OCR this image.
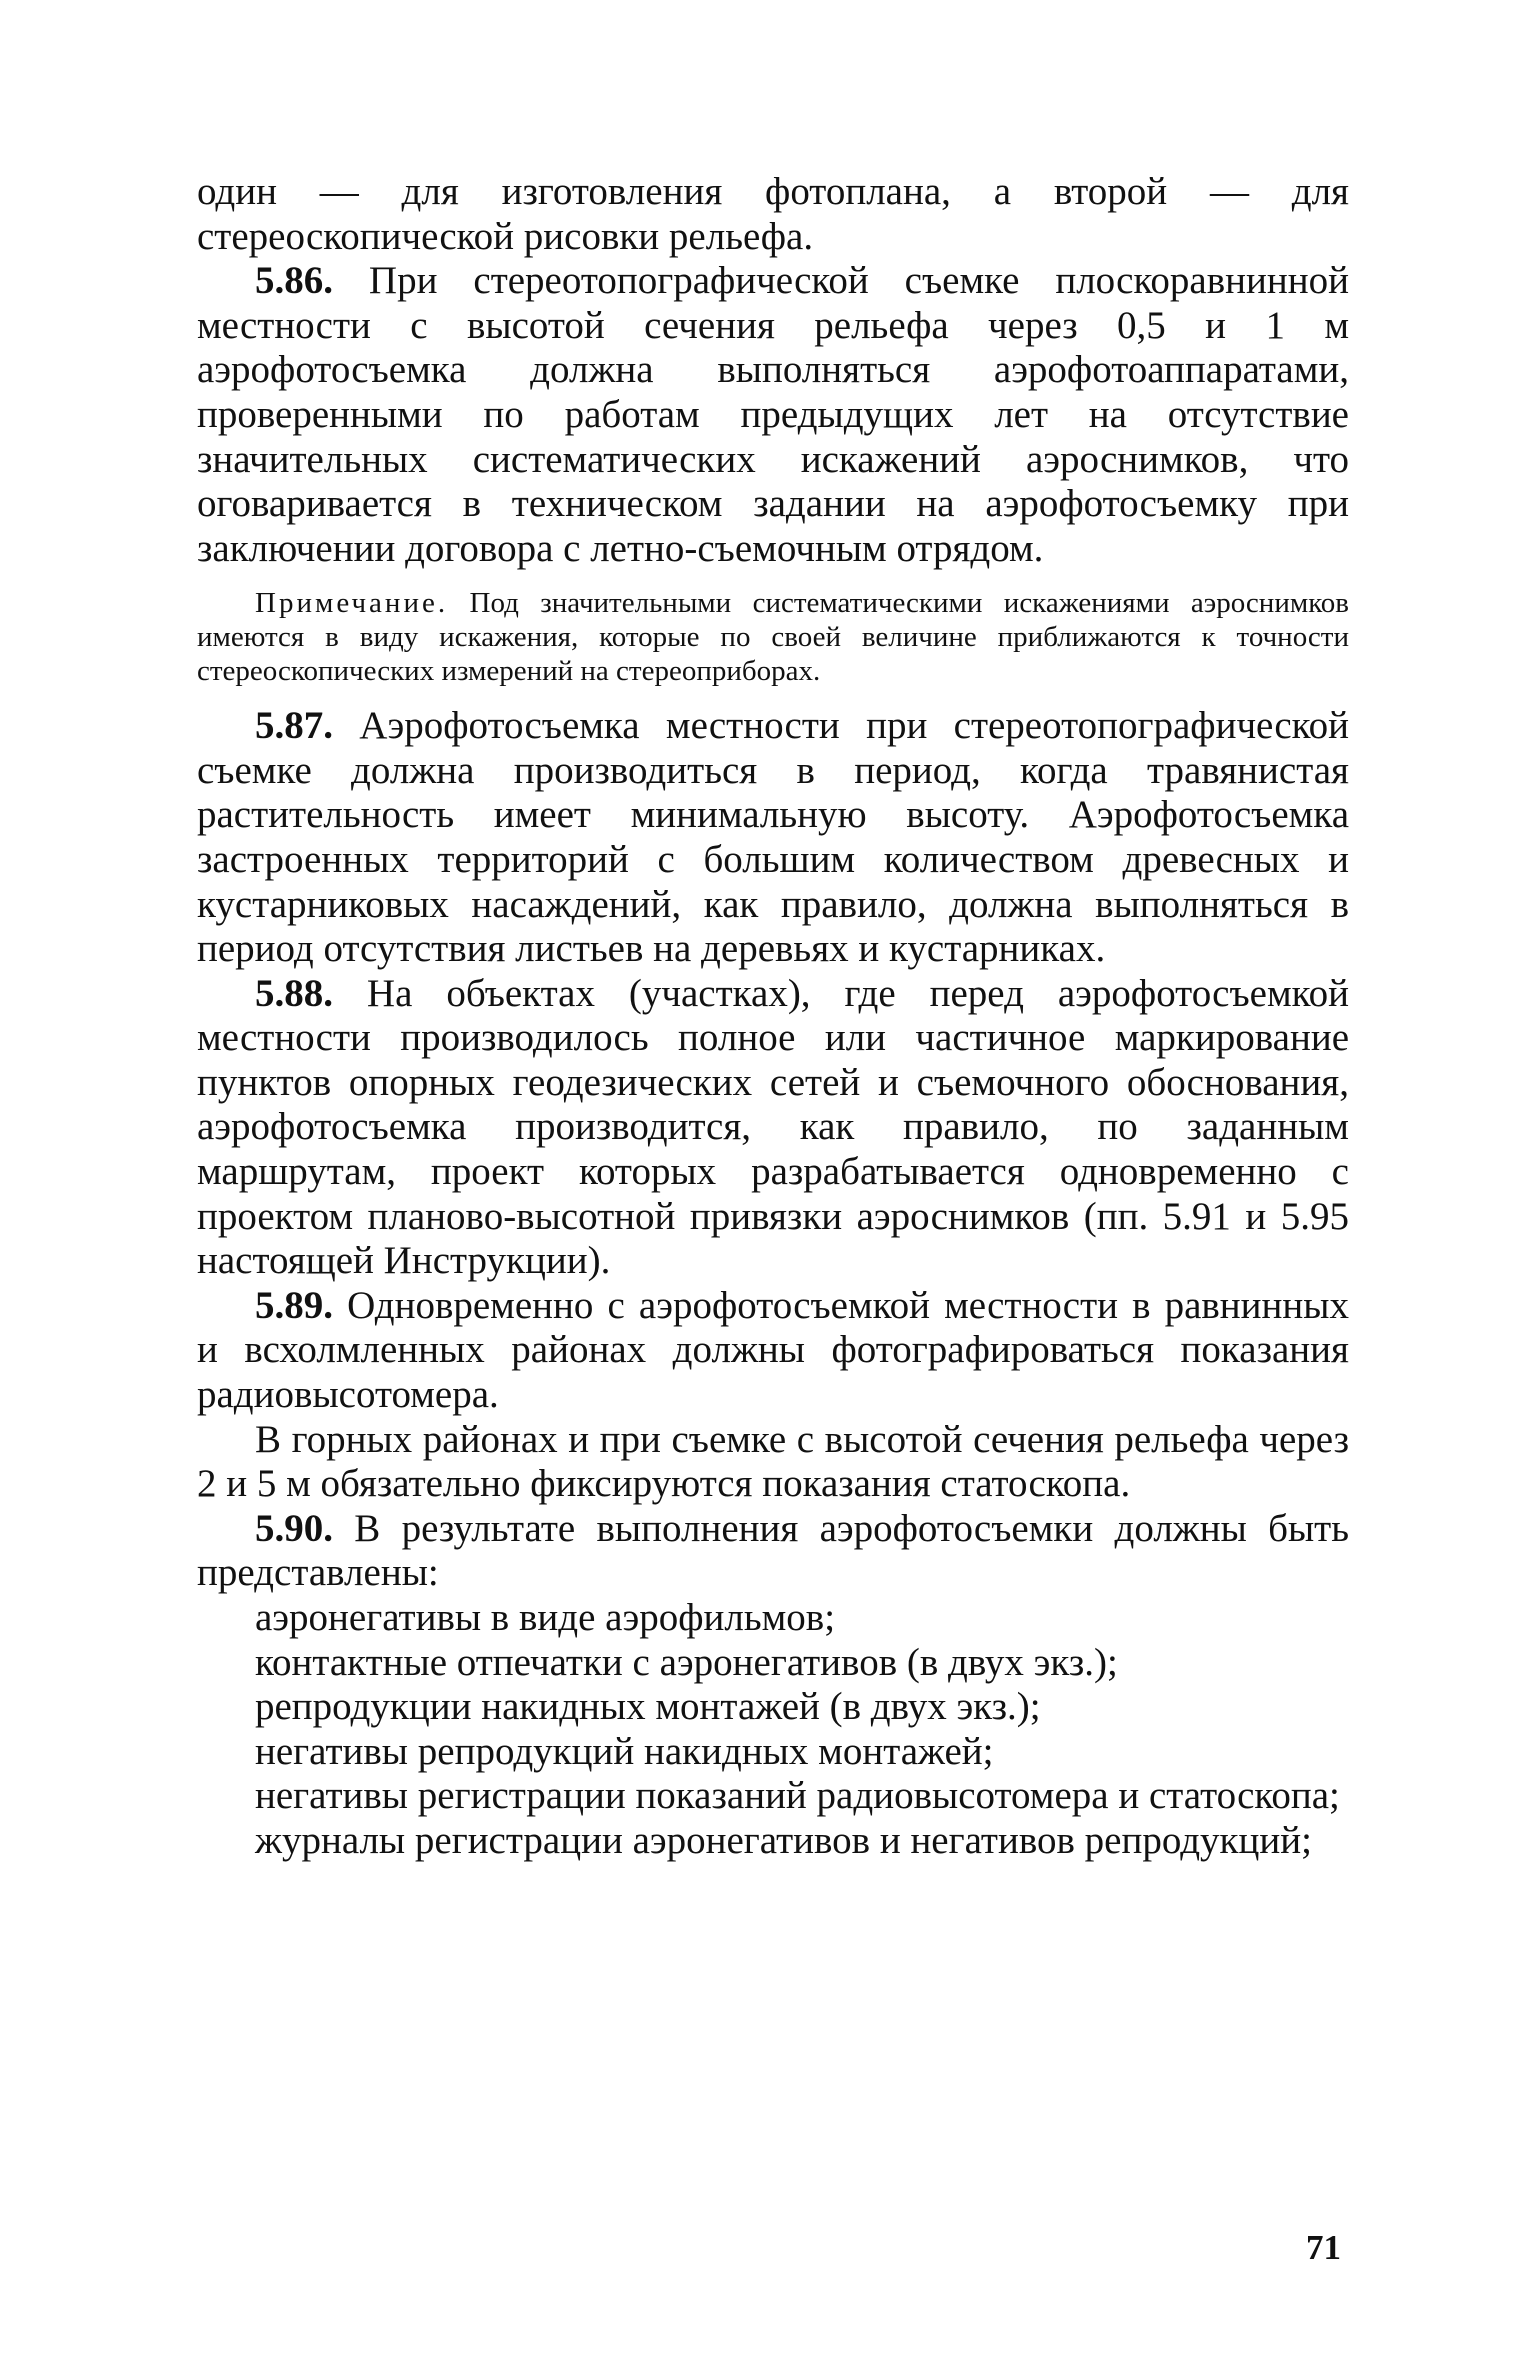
один — для изготовления фотоплана, а второй — для стереоскопической рисовки рельефа.

5.86. При стереотопографической съемке плоскоравнинной местности с высотой сечения рельефа через 0,5 и 1 м аэрофотосъемка должна выполняться аэрофотоаппаратами, проверенными по работам предыдущих лет на отсутствие значительных систематических искажений аэроснимков, что оговаривается в техническом задании на аэрофотосъемку при заключении договора с летно-съемочным отрядом.

Примечание. Под значительными систематическими искажениями аэроснимков имеются в виду искажения, которые по своей величине приближаются к точности стереоскопических измерений на стереоприборах.

5.87. Аэрофотосъемка местности при стереотопографической съемке должна производиться в период, когда травянистая растительность имеет минимальную высоту. Аэрофотосъемка застроенных территорий с большим количеством древесных и кустарниковых насаждений, как правило, должна выполняться в период отсутствия листьев на деревьях и кустарниках.

5.88. На объектах (участках), где перед аэрофотосъемкой местности производилось полное или частичное маркирование пунктов опорных геодезических сетей и съемочного обоснования, аэрофотосъемка производится, как правило, по заданным маршрутам, проект которых разрабатывается одновременно с проектом планово-высотной привязки аэроснимков (пп. 5.91 и 5.95 настоящей Инструкции).

5.89. Одновременно с аэрофотосъемкой местности в равнинных и всхолмленных районах должны фотографироваться показания радиовысотомера.

В горных районах и при съемке с высотой сечения рельефа через 2 и 5 м обязательно фиксируются показания статоскопа.

5.90. В результате выполнения аэрофотосъемки должны быть представлены:

аэронегативы в виде аэрофильмов;
контактные отпечатки с аэронегативов (в двух экз.);
репродукции накидных монтажей (в двух экз.);
негативы репродукций накидных монтажей;
негативы регистрации показаний радиовысотомера и статоскопа;
журналы регистрации аэронегативов и негативов репродукций;
71
